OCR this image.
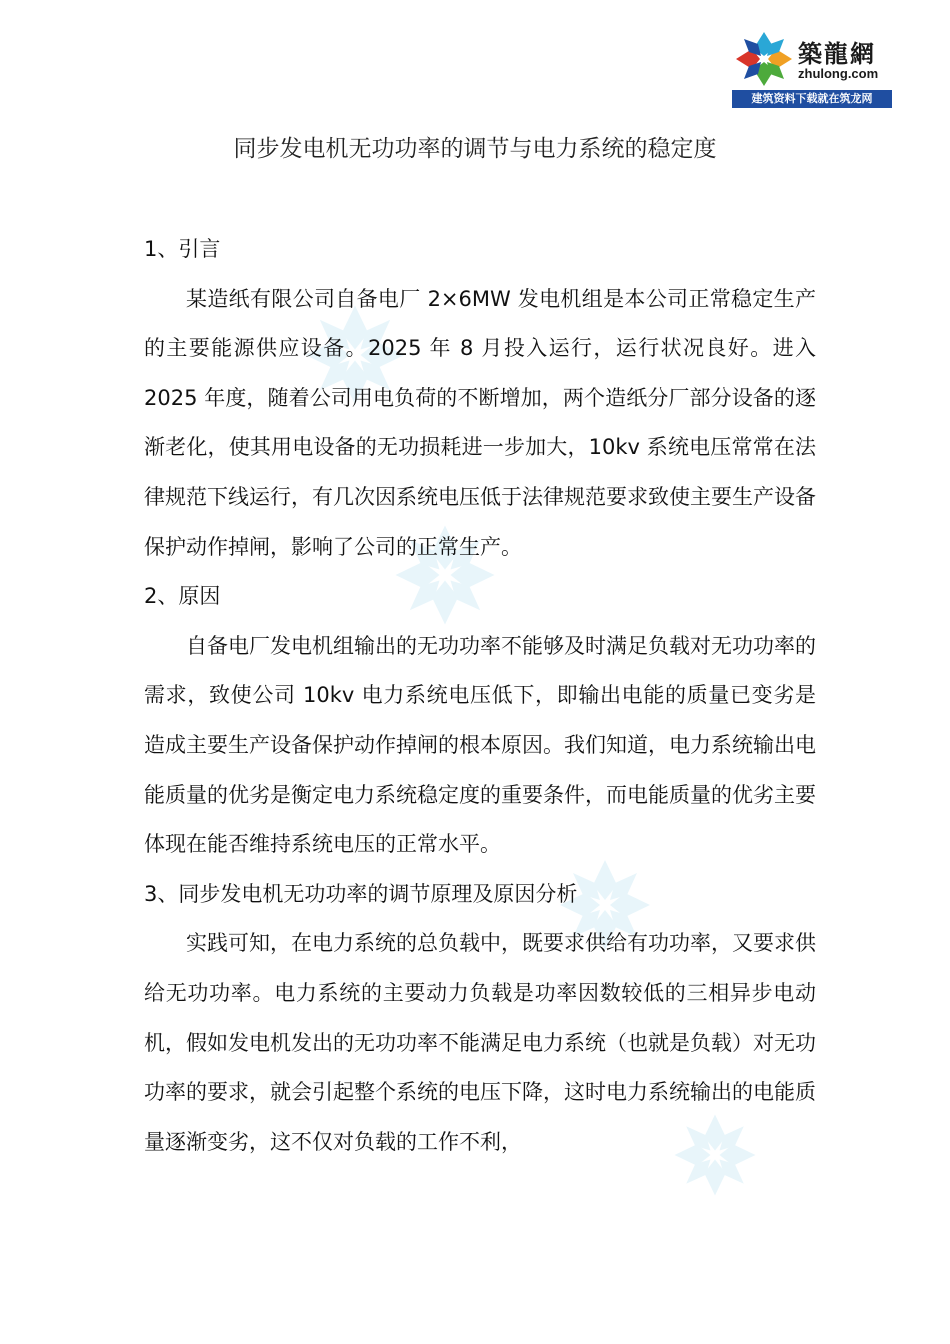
築龍網
zhulong.com
建筑资料下载就在筑龙网
同步发电机无功功率的调节与电力系统的稳定度
1、引言

某造纸有限公司自备电厂 2×6MW 发电机组是本公司正常稳定生产的主要能源供应设备。2025 年 8 月投入运行，运行状况良好。进入 2025 年度，随着公司用电负荷的不断增加，两个造纸分厂部分设备的逐渐老化，使其用电设备的无功损耗进一步加大，10kv 系统电压常常在法律规范下线运行，有几次因系统电压低于法律规范要求致使主要生产设备保护动作掉闸，影响了公司的正常生产。

2、原因

自备电厂发电机组输出的无功功率不能够及时满足负载对无功功率的需求，致使公司 10kv 电力系统电压低下，即输出电能的质量已变劣是造成主要生产设备保护动作掉闸的根本原因。我们知道，电力系统输出电能质量的优劣是衡定电力系统稳定度的重要条件，而电能质量的优劣主要体现在能否维持系统电压的正常水平。

3、同步发电机无功功率的调节原理及原因分析

实践可知，在电力系统的总负载中，既要求供给有功功率，又要求供给无功功率。电力系统的主要动力负载是功率因数较低的三相异步电动机，假如发电机发出的无功功率不能满足电力系统（也就是负载）对无功功率的要求，就会引起整个系统的电压下降，这时电力系统输出的电能质量逐渐变劣，这不仅对负载的工作不利，
